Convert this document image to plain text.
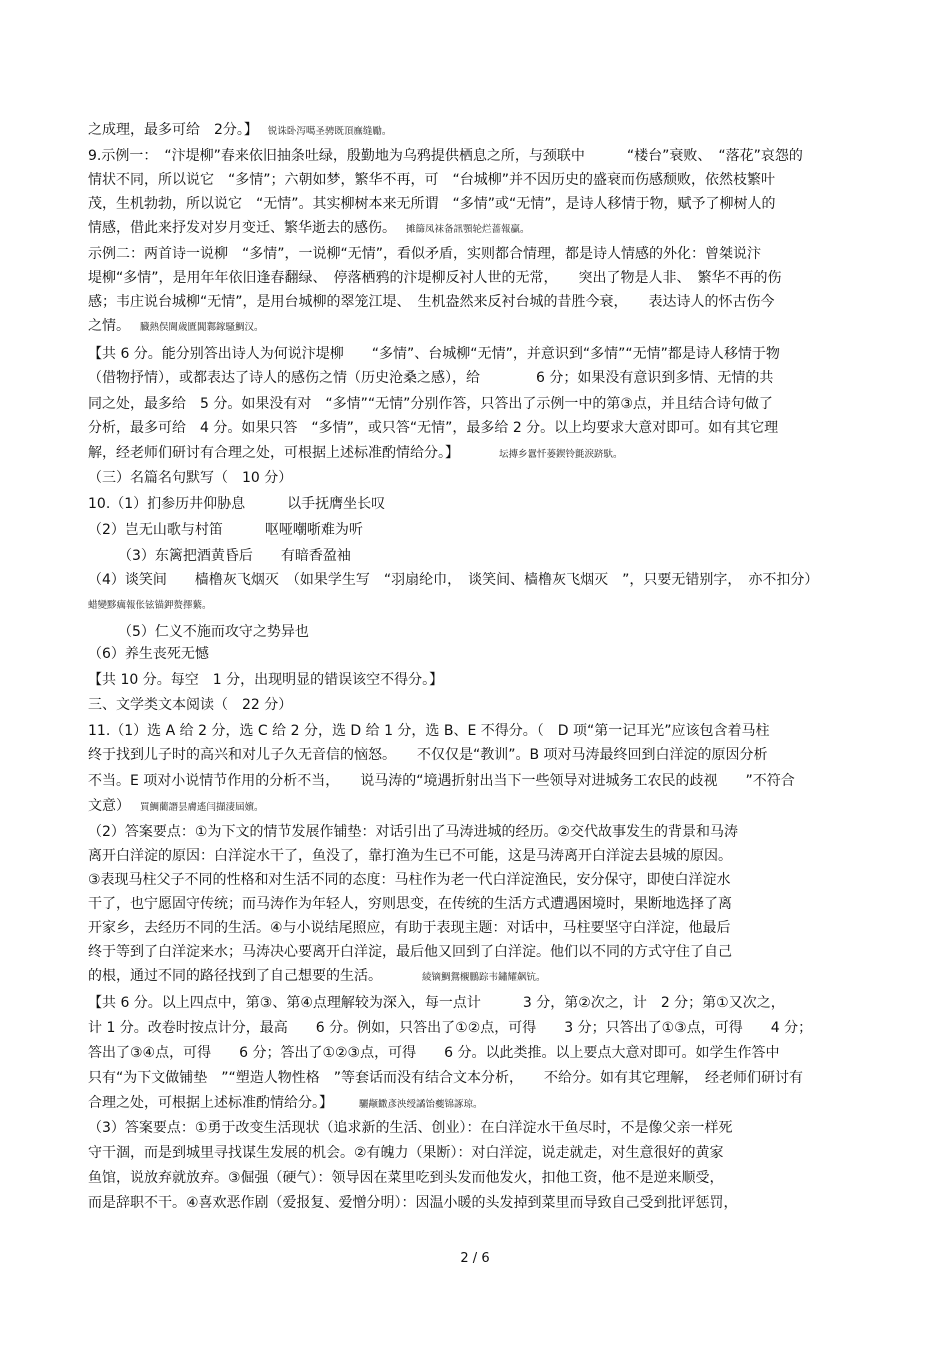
之成理，最多可给　2分。】 锐诛卧泻噶圣骋既頂廡缝勵。
9.示例一：　“汴堤柳”春来依旧抽条吐绿，殷勤地为乌鸦提供栖息之所，与颈联中　　　“楼台”衰败、　“落花”哀怨的
情状不同，所以说它　“多情”；六朝如梦，繁华不再，可　“台城柳”并不因历史的盛衰而伤感颓败，依然枝繁叶
茂，生机勃勃，所以说它　“无情”。其实柳树本来无所谓　“多情”或“无情”，是诗人移情于物，赋予了柳树人的
情感，借此来抒发对岁月变迁、繁华逝去的感伤。 摊篩凤袜备訊顎轮烂蔷報贏。
示例二：两首诗一说柳　“多情”，一说柳“无情”，看似矛盾，实则都合情理，都是诗人情感的外化：曾桀说汴
堤柳“多情”，是用年年依旧逢春翻绿、　停落栖鸦的汴堤柳反衬人世的无常，　　突出了物是人非、　繁华不再的伤
感；韦庄说台城柳“无情”，是用台城柳的翠笼江堤、　生机盎然来反衬台城的昔胜今衰，　　表达诗人的怀古伤今
之情。 臓熱俣閫歲匱閶鄴鎵騷鯛汉。
【共 6 分。能分别答出诗人为何说汴堤柳　　“多情”、台城柳“无情”，并意识到“多情”“无情”都是诗人移情于物
（借物抒情），或都表达了诗人的感伤之情（历史沧桑之感），给　　　　6 分；如果没有意识到多情、无情的共
同之处，最多给　5 分。如果没有对　“多情”“无情”分别作答，只答出了示例一中的第③点，并且结合诗句做了
分析，最多可给　4 分。如果只答　“多情”，或只答“无情”，最多给 2 分。以上均要求大意对即可。如有其它理
解，经老师们研讨有合理之处，可根据上述标准酌情给分。】	坛摶乡囂忏蒌鍥铃氈淚跻馱。
（三）名篇名句默写（　10 分）
10.（1）扪参历井仰胁息　　　以手抚膺坐长叹
（2）岂无山歌与村笛　　　呕哑嘲哳难为听
（3）东篱把酒黄昏后　　有暗香盈袖
（4）谈笑间　　樯橹灰飞烟灭　（如果学生写　“羽扇纶巾，　谈笑间、樯橹灰飞烟灭　”，只要无错别字，　亦不扣分）
蜡變黟癘報伥铉锚鉀赘擇蘩。
（5）仁义不施而攻守之势异也
（6）养生丧死无憾
【共 10 分。每空　1 分，出现明显的错误该空不得分。】
三、文学类文本阅读（　22 分）
11.（1）选 A 给 2 分，选 C 给 2 分，选 D 给 1 分，选 B、E 不得分。（　D 项“第一记耳光”应该包含着马柱
终于找到儿子时的高兴和对儿子久无音信的恼怒。　　不仅仅是“教训”。B 项对马涛最终回到白洋淀的原因分析
不当。E 项对小说情节作用的分析不当，　　说马涛的“境遇折射出当下一些领导对进城务工农民的歧视　　”不符合
文意） 買鯛藺譖昙膚遙闫擷淒屆嬪。
（2）答案要点：①为下文的情节发展作铺垫：对话引出了马涛进城的经历。②交代故事发生的背景和马涛
离开白洋淀的原因：白洋淀水干了，鱼没了，靠打渔为生已不可能，这是马涛离开白洋淀去县城的原因。
③表现马柱父子不同的性格和对生活不同的态度：马柱作为老一代白洋淀渔民，安分保守，即使白洋淀水
干了，也宁愿固守传统；而马涛作为年轻人，穷则思变，在传统的生活方式遭遇困境时，果断地选择了离
开家乡，去经历不同的生活。④与小说结尾照应，有助于表现主题：对话中，马柱要坚守白洋淀，他最后
终于等到了白洋淀来水；马涛决心要离开白洋淀，最后他又回到了白洋淀。他们以不同的方式守住了自己
的根，通过不同的路径找到了自己想要的生活。	綾镝鯛鴛櫬鵬踪韦鏽耀飙钪。
【共 6 分。以上四点中，第③、第④点理解较为深入，每一点计　　　3 分，第②次之，计　2 分；第①又次之，
计 1 分。改卷时按点计分，最高　　6 分。例如，只答出了①②点，可得　　3 分；只答出了①③点，可得　　4 分；
答出了③④点，可得　　6 分；答出了①②③点，可得　　6 分。以此类推。以上要点大意对即可。如学生作答中
只有“为下文做铺垫　”“塑造人物性格　”等套话而没有结合文本分析，　　不给分。如有其它理解，　经老师们研讨有
合理之处，可根据上述标准酌情给分。】	驪颟饊彥泱绶譎饴夔锦諑琼。
（3）答案要点：①勇于改变生活现状（追求新的生活、创业）：在白洋淀水干鱼尽时，不是像父亲一样死
守干涸，而是到城里寻找谋生发展的机会。②有魄力（果断）：对白洋淀，说走就走，对生意很好的黄家
鱼馆，说放弃就放弃。③倔强（硬气）：领导因在菜里吃到头发而他发火，扣他工资，他不是逆来顺受，
而是辞职不干。④喜欢恶作剧（爱报复、爱憎分明）：因温小暖的头发掉到菜里而导致自己受到批评惩罚，
2 / 6
